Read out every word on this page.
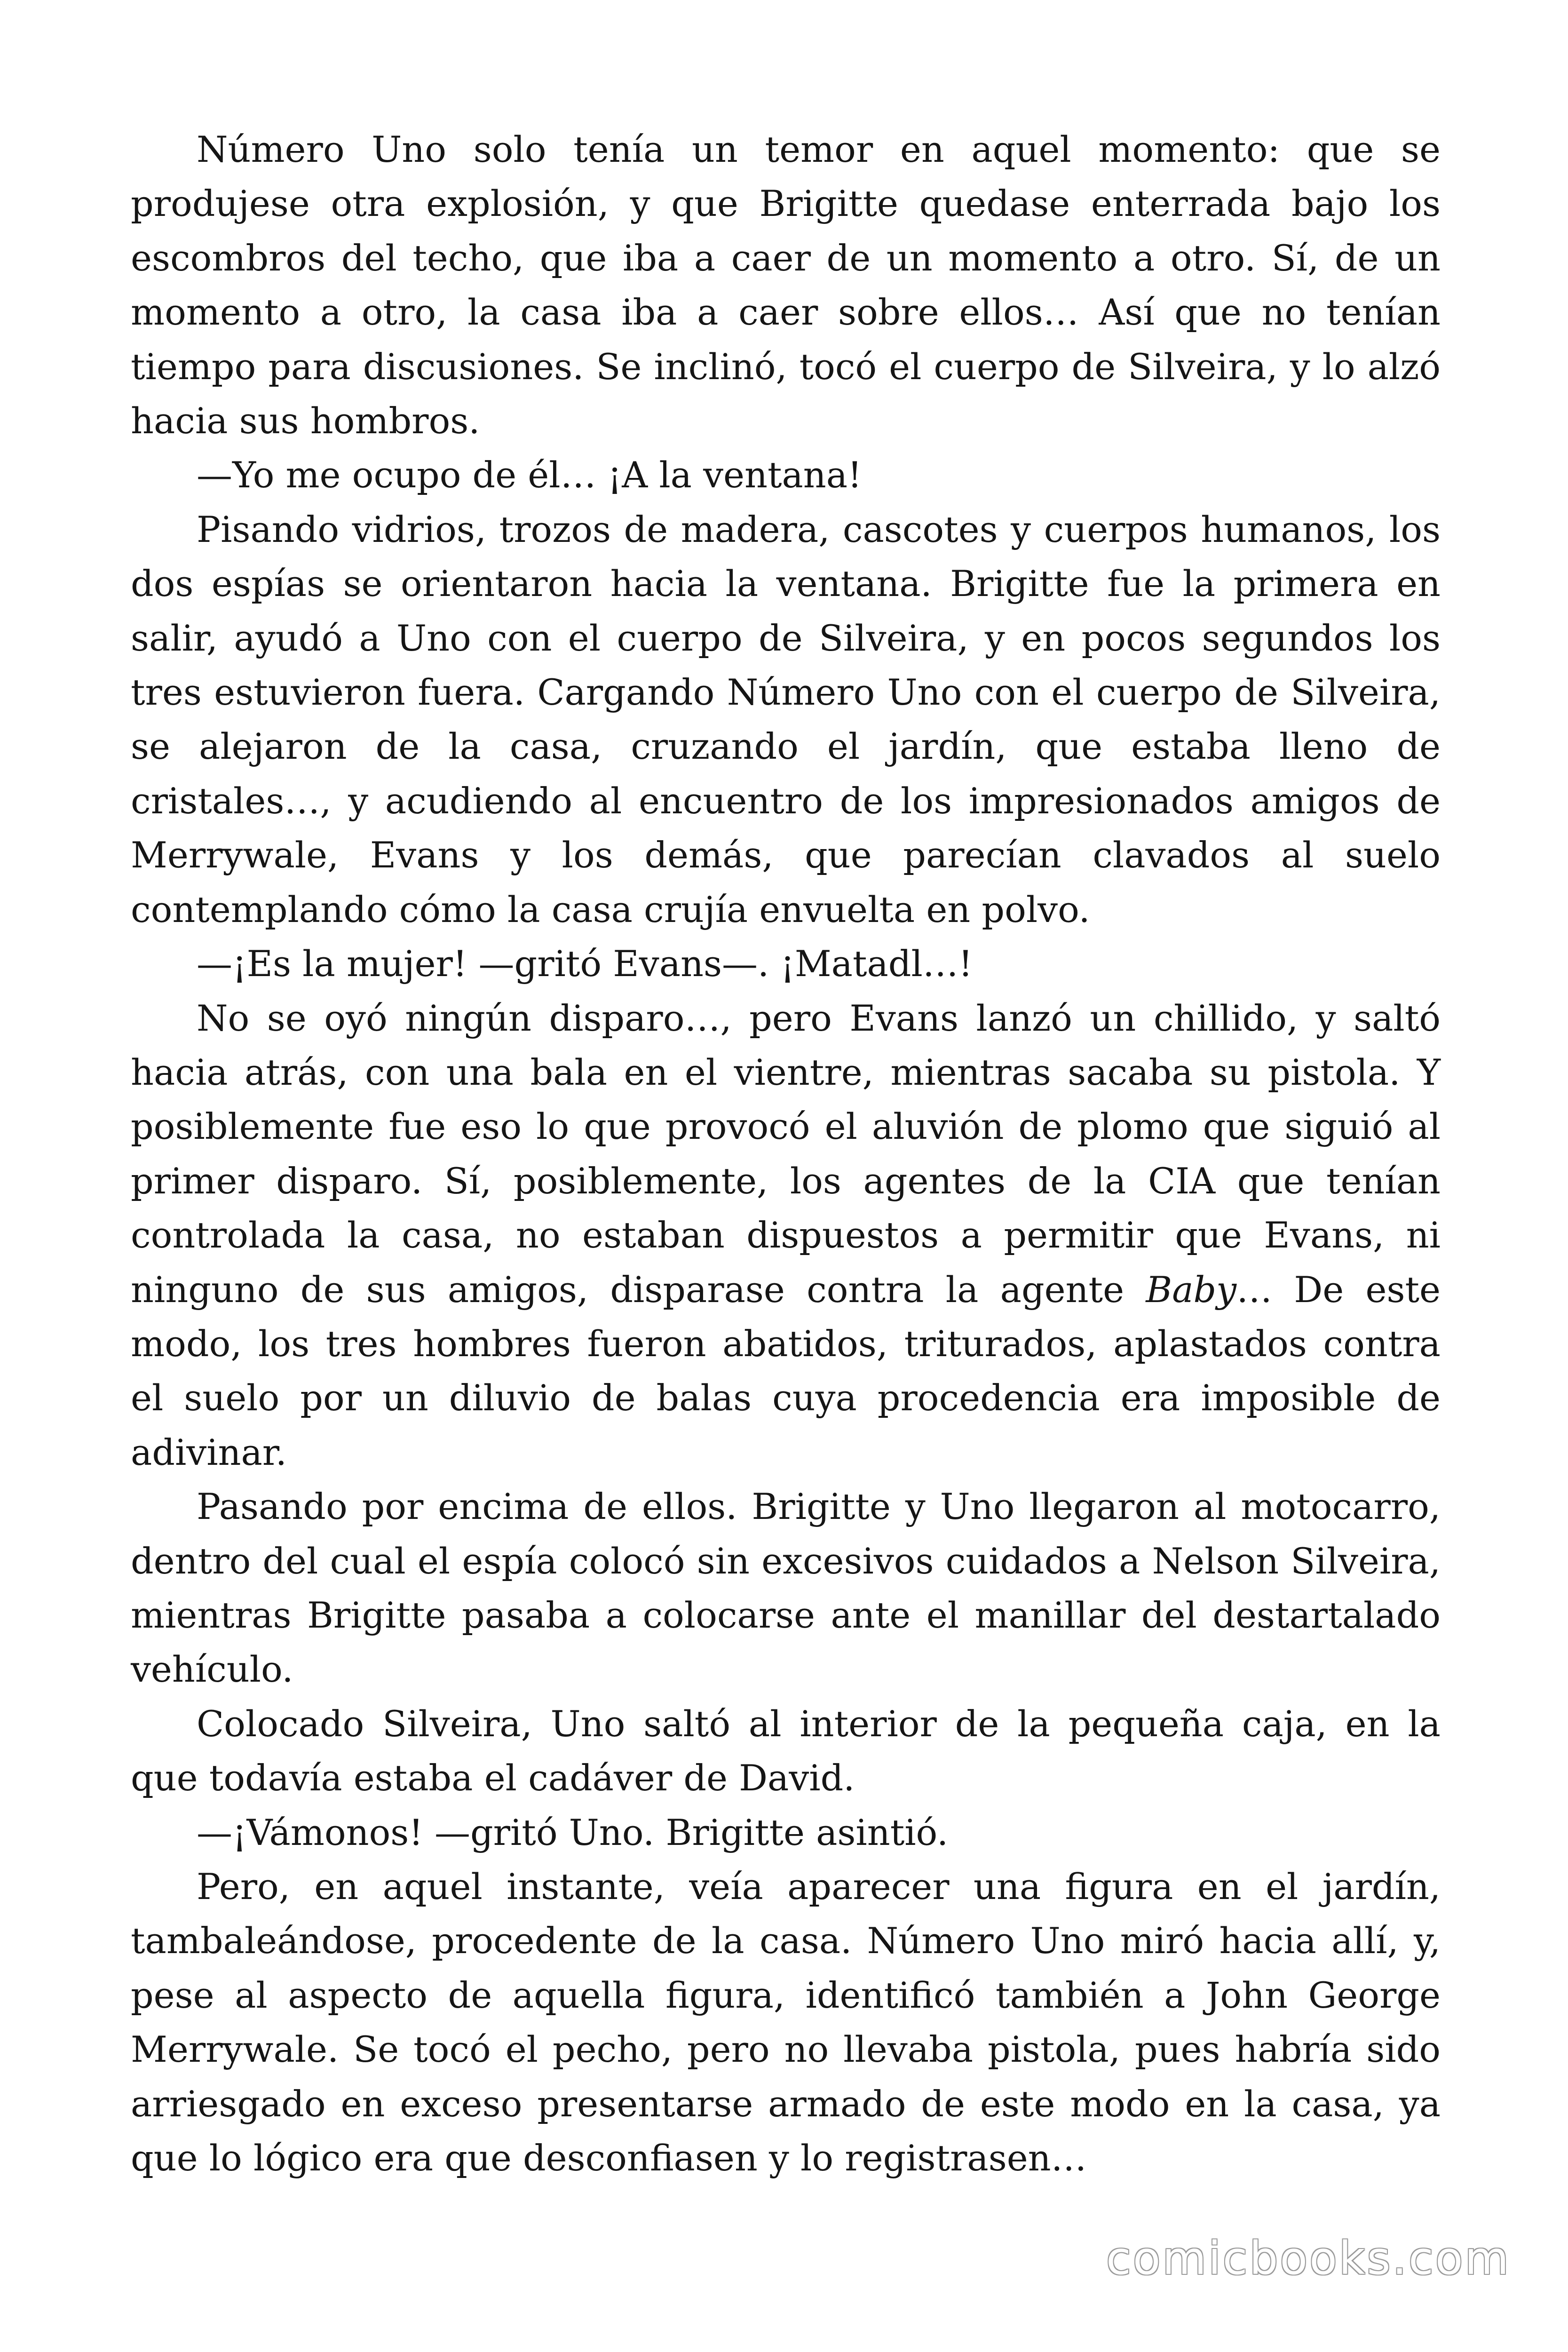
Número Uno solo tenía un temor en aquel momento: que se produjese otra explosión, y que Brigitte quedase enterrada bajo los escombros del techo, que iba a caer de un momento a otro. Sí, de un momento a otro, la casa iba a caer sobre ellos… Así que no tenían tiempo para discusiones. Se inclinó, tocó el cuerpo de Silveira, y lo alzó hacia sus hombros.

—Yo me ocupo de él… ¡A la ventana!

Pisando vidrios, trozos de madera, cascotes y cuerpos humanos, los dos espías se orientaron hacia la ventana. Brigitte fue la primera en salir, ayudó a Uno con el cuerpo de Silveira, y en pocos segundos los tres estuvieron fuera. Cargando Número Uno con el cuerpo de Silveira, se alejaron de la casa, cruzando el jardín, que estaba lleno de cristales…, y acudiendo al encuentro de los impresionados amigos de Merrywale, Evans y los demás, que parecían clavados al suelo contemplando cómo la casa crujía envuelta en polvo.

—¡Es la mujer! —gritó Evans—. ¡Matadl…!

No se oyó ningún disparo…, pero Evans lanzó un chillido, y saltó hacia atrás, con una bala en el vientre, mientras sacaba su pistola. Y posiblemente fue eso lo que provocó el aluvión de plomo que siguió al primer disparo. Sí, posiblemente, los agentes de la CIA que tenían controlada la casa, no estaban dispuestos a permitir que Evans, ni ninguno de sus amigos, disparase contra la agente Baby… De este modo, los tres hombres fueron abatidos, triturados, aplastados contra el suelo por un diluvio de balas cuya procedencia era imposible de adivinar.

Pasando por encima de ellos. Brigitte y Uno llegaron al motocarro, dentro del cual el espía colocó sin excesivos cuidados a Nelson Silveira, mientras Brigitte pasaba a colocarse ante el manillar del destartalado vehículo.

Colocado Silveira, Uno saltó al interior de la pequeña caja, en la que todavía estaba el cadáver de David.

—¡Vámonos! —gritó Uno. Brigitte asintió.

Pero, en aquel instante, veía aparecer una figura en el jardín, tambaleándose, procedente de la casa. Número Uno miró hacia allí, y, pese al aspecto de aquella figura, identificó también a John George Merrywale. Se tocó el pecho, pero no llevaba pistola, pues habría sido arriesgado en exceso presentarse armado de este modo en la casa, ya que lo lógico era que desconfiasen y lo registrasen…

comicbooks.com
